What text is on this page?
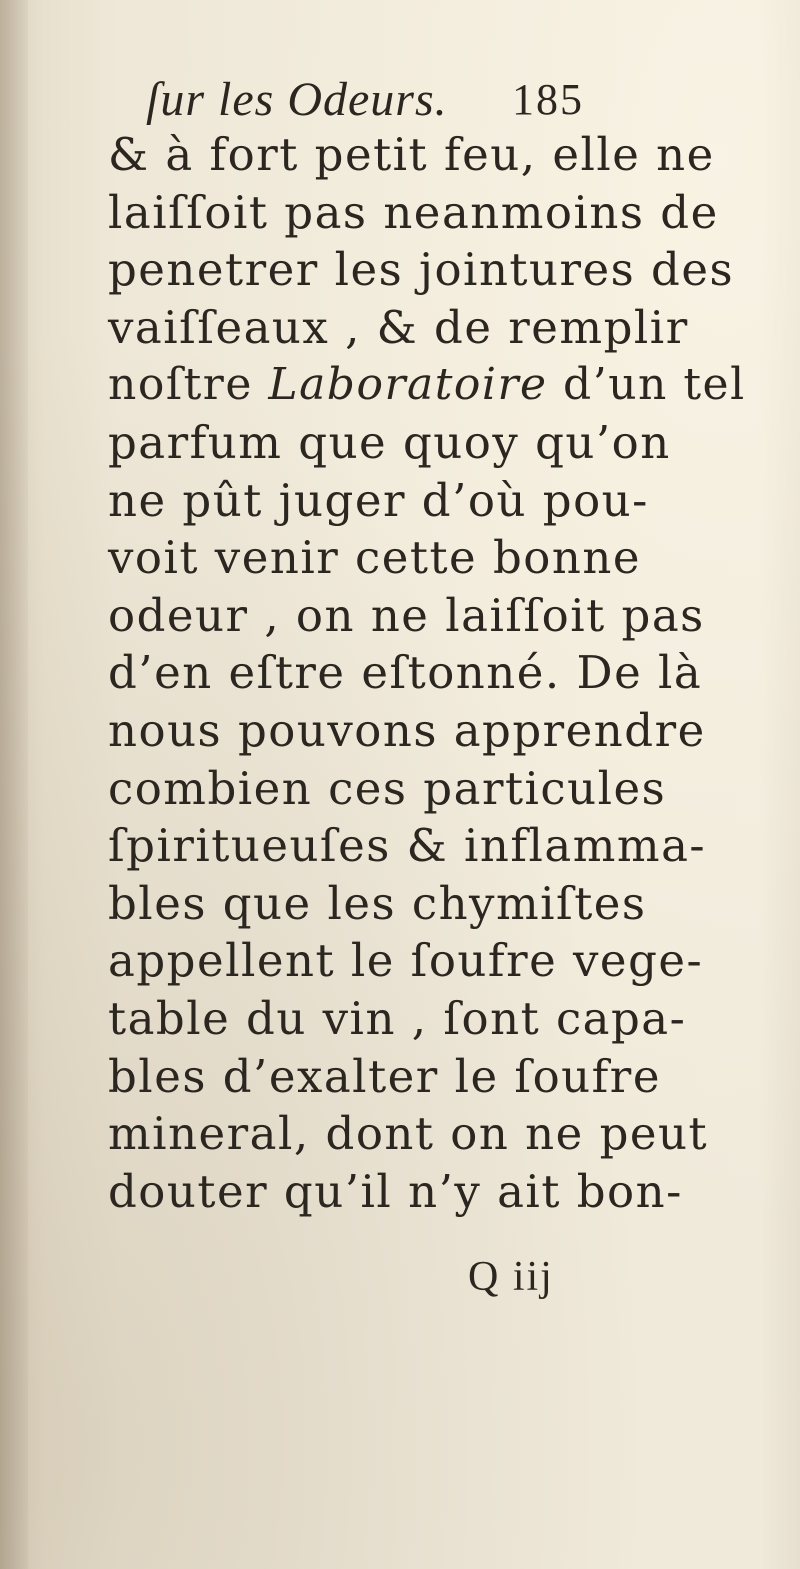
ſur les Odeurs. 185
& à fort petit feu, elle ne
laiſſoit pas neanmoins de
penetrer les jointures des
vaiſſeaux , & de remplir
noſtre Laboratoire d’un tel
parfum que quoy qu’on
ne pût juger d’où pou-
voit venir cette bonne
odeur , on ne laiſſoit pas
d’en eſtre eſtonné. De là
nous pouvons apprendre
combien ces particules
ſpiritueuſes & inflamma-
bles que les chymiſtes
appellent le ſoufre vege-
table du vin , ſont capa-
bles d’exalter le ſoufre
mineral, dont on ne peut
douter qu’il n’y ait bon-
Q iij
